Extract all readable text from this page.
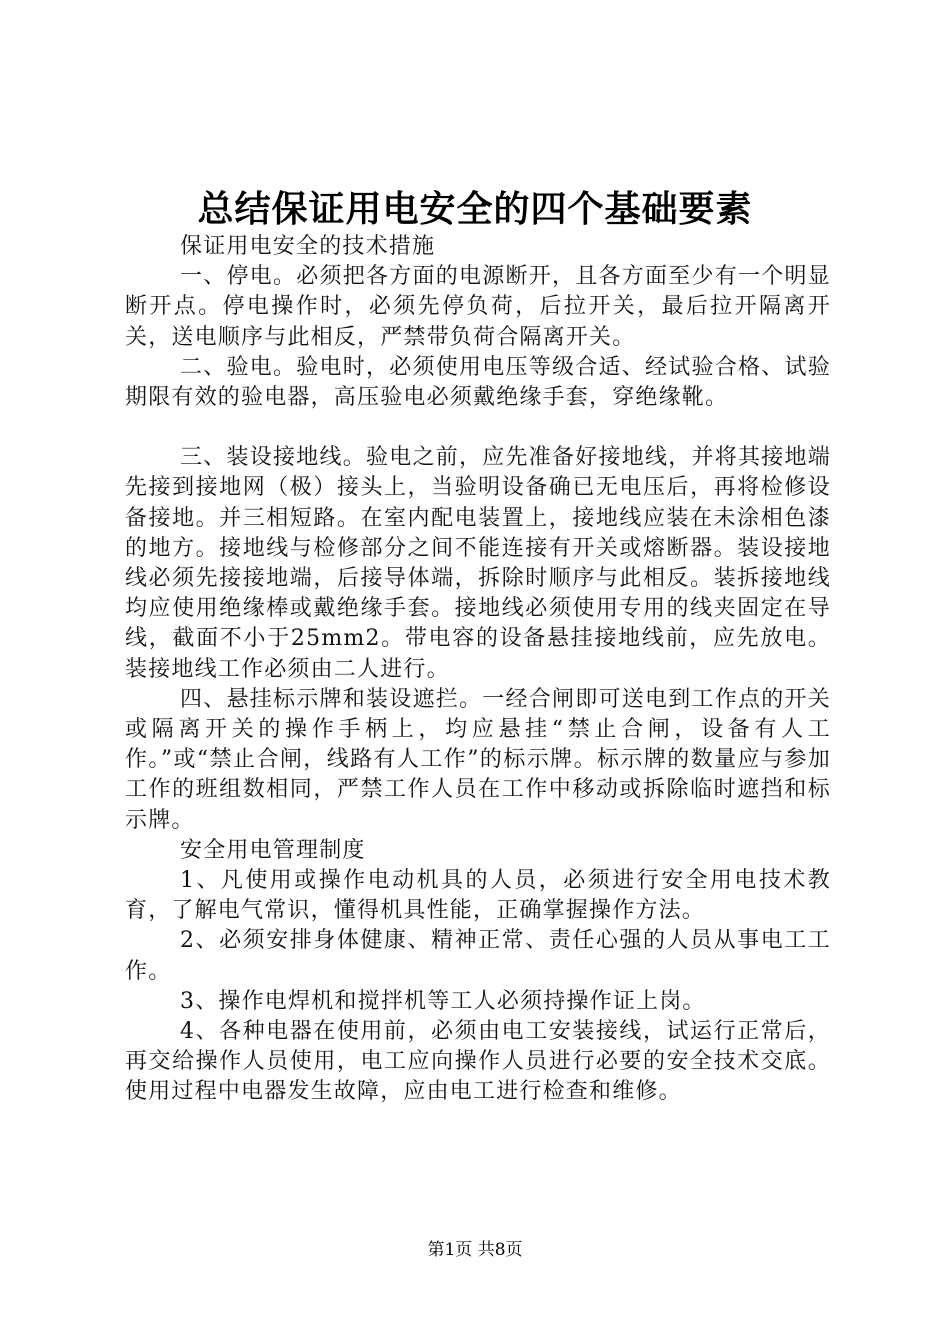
总结保证用电安全的四个基础要素

保证用电安全的技术措施

一、停电。必须把各方面的电源断开，且各方面至少有一个明显断开点。停电操作时，必须先停负荷，后拉开关，最后拉开隔离开关，送电顺序与此相反，严禁带负荷合隔离开关。

二、验电。验电时，必须使用电压等级合适、经试验合格、试验期限有效的验电器，高压验电必须戴绝缘手套，穿绝缘靴。

三、装设接地线。验电之前，应先准备好接地线，并将其接地端先接到接地网（极）接头上，当验明设备确已无电压后，再将检修设备接地。并三相短路。在室内配电装置上，接地线应装在未涂相色漆的地方。接地线与检修部分之间不能连接有开关或熔断器。装设接地线必须先接接地端，后接导体端，拆除时顺序与此相反。装拆接地线均应使用绝缘棒或戴绝缘手套。接地线必须使用专用的线夹固定在导线，截面不小于25mm2。带电容的设备悬挂接地线前，应先放电。装接地线工作必须由二人进行。

四、悬挂标示牌和装设遮拦。一经合闸即可送电到工作点的开关或隔离开关的操作手柄上，均应悬挂“禁止合闸，设备有人工作。”或“禁止合闸，线路有人工作”的标示牌。标示牌的数量应与参加工作的班组数相同，严禁工作人员在工作中移动或拆除临时遮挡和标示牌。

安全用电管理制度

1、凡使用或操作电动机具的人员，必须进行安全用电技术教育，了解电气常识，懂得机具性能，正确掌握操作方法。

2、必须安排身体健康、精神正常、责任心强的人员从事电工工作。

3、操作电焊机和搅拌机等工人必须持操作证上岗。

4、各种电器在使用前，必须由电工安装接线，试运行正常后，再交给操作人员使用，电工应向操作人员进行必要的安全技术交底。使用过程中电器发生故障，应由电工进行检查和维修。

第1页 共8页
